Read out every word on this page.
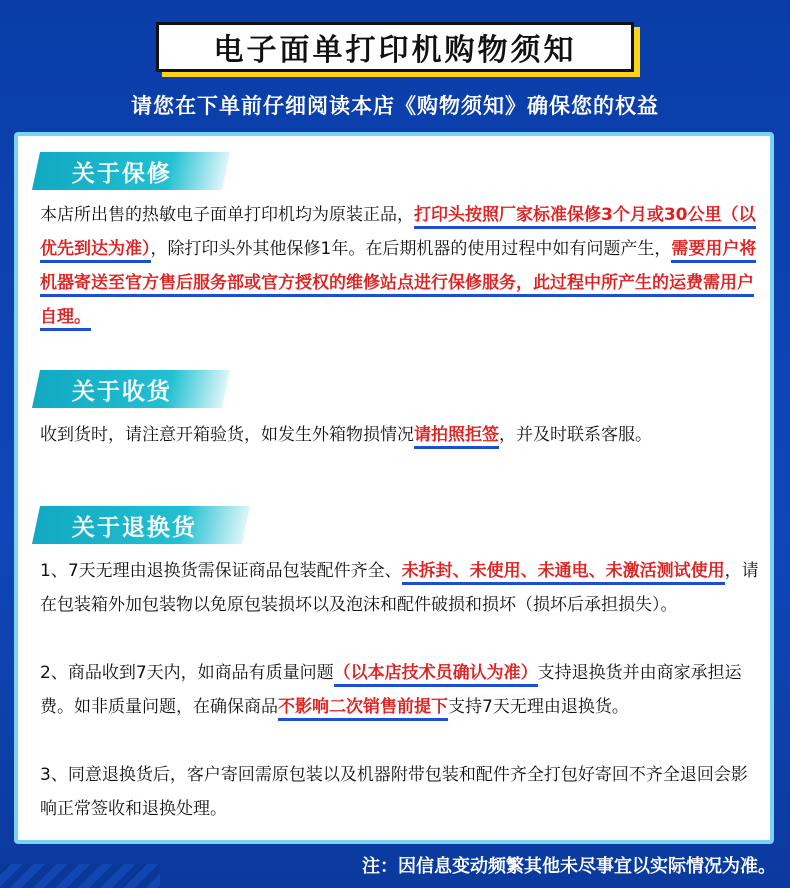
电子面单打印机购物须知
请您在下单前仔细阅读本店《购物须知》确保您的权益
关于保修
本店所出售的热敏电子面单打印机均为原装正品，打印头按照厂家标准保修3个月或30公里（以优先到达为准），除打印头外其他保修1年。在后期机器的使用过程中如有问题产生，需要用户将机器寄送至官方售后服务部或官方授权的维修站点进行保修服务，此过程中所产生的运费需用户自理。
关于收货
收到货时，请注意开箱验货，如发生外箱物损情况请拍照拒签，并及时联系客服。
关于退换货
1、7天无理由退换货需保证商品包装配件齐全、未拆封、未使用、未通电、未激活测试使用，请在包装箱外加包装物以免原包装损坏以及泡沫和配件破损和损坏（损坏后承担损失）。
2、商品收到7天内，如商品有质量问题（以本店技术员确认为准）支持退换货并由商家承担运费。如非质量问题，在确保商品不影响二次销售前提下支持7天无理由退换货。
3、同意退换货后，客户寄回需原包装以及机器附带包装和配件齐全打包好寄回不齐全退回会影响正常签收和退换处理。
注：因信息变动频繁其他未尽事宜以实际情况为准。
